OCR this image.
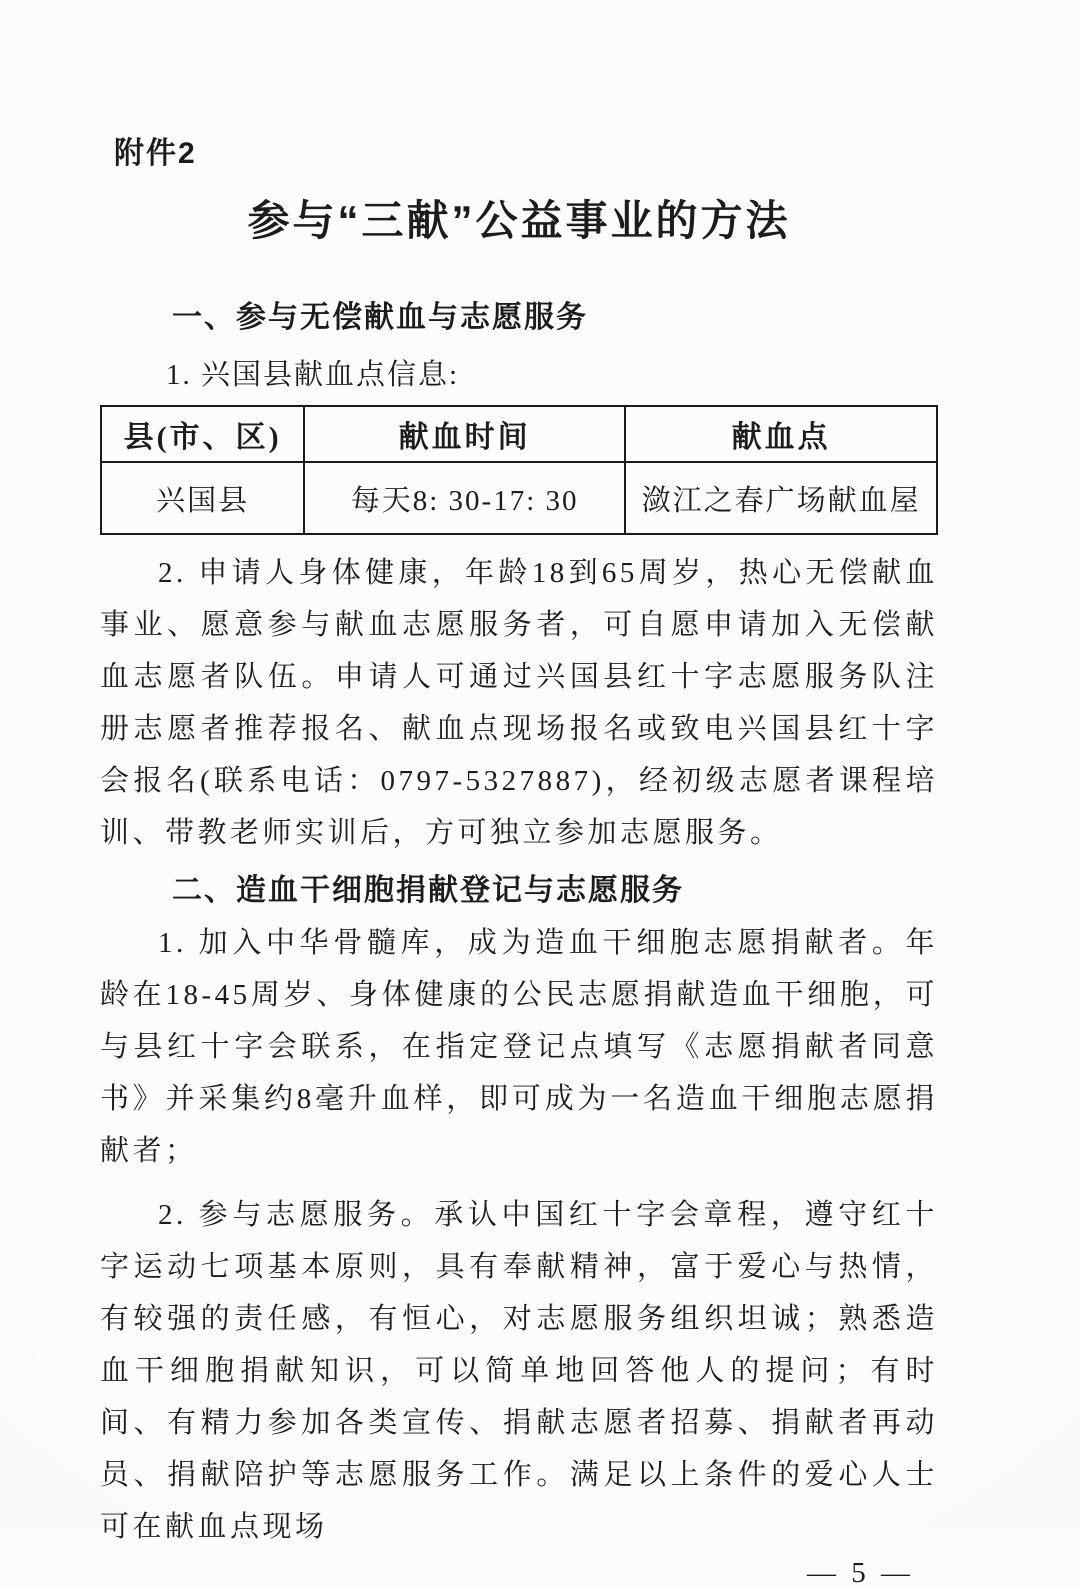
附件2
参与“三献”公益事业的方法
一、参与无偿献血与志愿服务
1. 兴国县献血点信息:
县(市、区)	献血时间	献血点
兴国县	每天8: 30-17: 30	潋江之春广场献血屋
2. 申请人身体健康，年龄18到65周岁，热心无偿献血事业、愿意参与献血志愿服务者，可自愿申请加入无偿献血志愿者队伍。申请人可通过兴国县红十字志愿服务队注册志愿者推荐报名、献血点现场报名或致电兴国县红十字会报名(联系电话：0797-5327887)，经初级志愿者课程培训、带教老师实训后，方可独立参加志愿服务。
二、造血干细胞捐献登记与志愿服务
1. 加入中华骨髓库，成为造血干细胞志愿捐献者。年龄在18-45周岁、身体健康的公民志愿捐献造血干细胞，可与县红十字会联系，在指定登记点填写《志愿捐献者同意书》并采集约8毫升血样，即可成为一名造血干细胞志愿捐献者；
2. 参与志愿服务。承认中国红十字会章程，遵守红十字运动七项基本原则，具有奉献精神，富于爱心与热情，有较强的责任感，有恒心，对志愿服务组织坦诚；熟悉造血干细胞捐献知识，可以简单地回答他人的提问；有时间、有精力参加各类宣传、捐献志愿者招募、捐献者再动员、捐献陪护等志愿服务工作。满足以上条件的爱心人士可在献血点现场
— 5 —
